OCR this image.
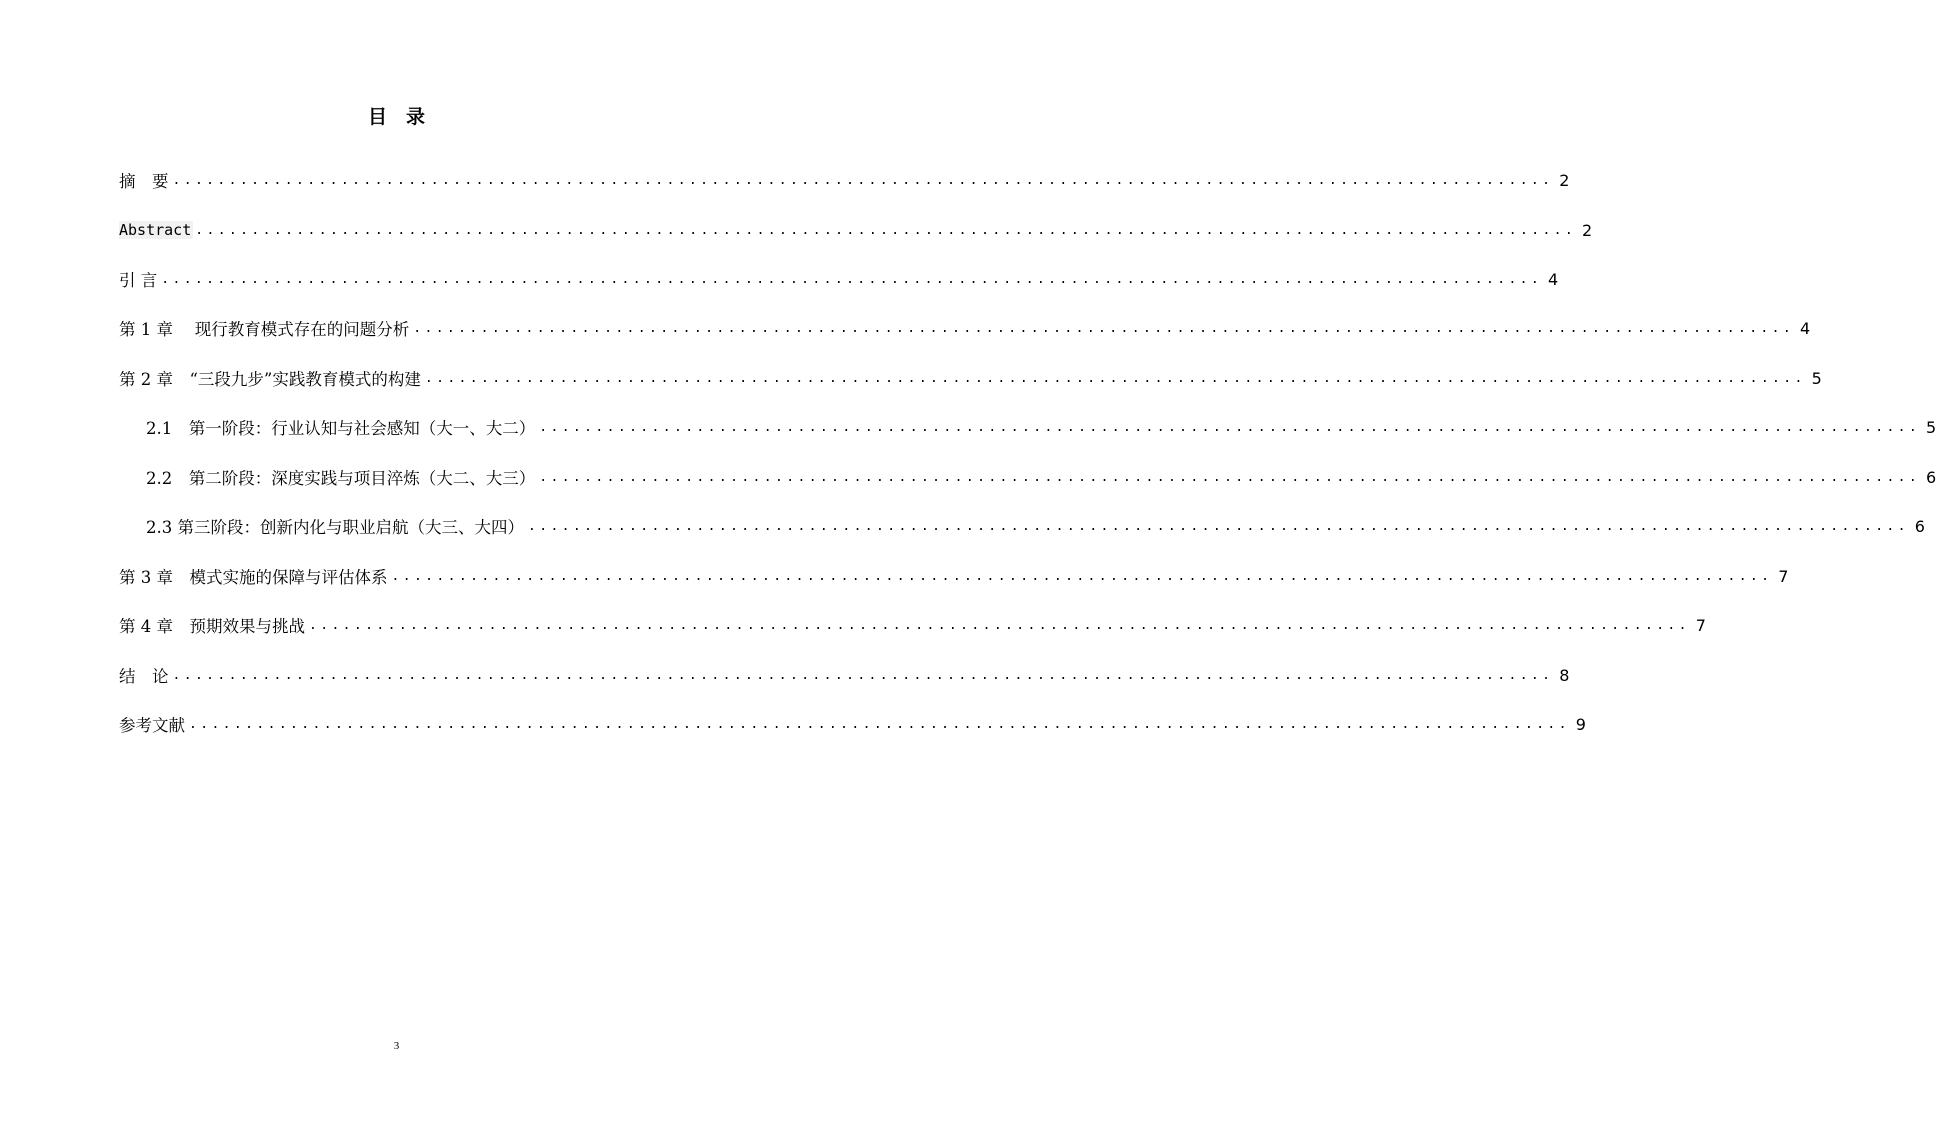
目　录
摘　要 ........................................................................................................................... 2
Abstract ........................................................................................................................... 2
引 言 ........................................................................................................................... 4
第 1 章　 现行教育模式存在的问题分析 ........................................................................................................................... 4
第 2 章　“三段九步”实践教育模式的构建 ........................................................................................................................... 5
2.1　第一阶段：行业认知与社会感知（大一、大二） ........................................................................................................................... 5
2.2　第二阶段：深度实践与项目淬炼（大二、大三） ........................................................................................................................... 6
2.3 第三阶段：创新内化与职业启航（大三、大四） ........................................................................................................................... 6
第 3 章　模式实施的保障与评估体系 ........................................................................................................................... 7
第 4 章　预期效果与挑战 ........................................................................................................................... 7
结　论 ........................................................................................................................... 8
参考文献 ........................................................................................................................... 9
3
